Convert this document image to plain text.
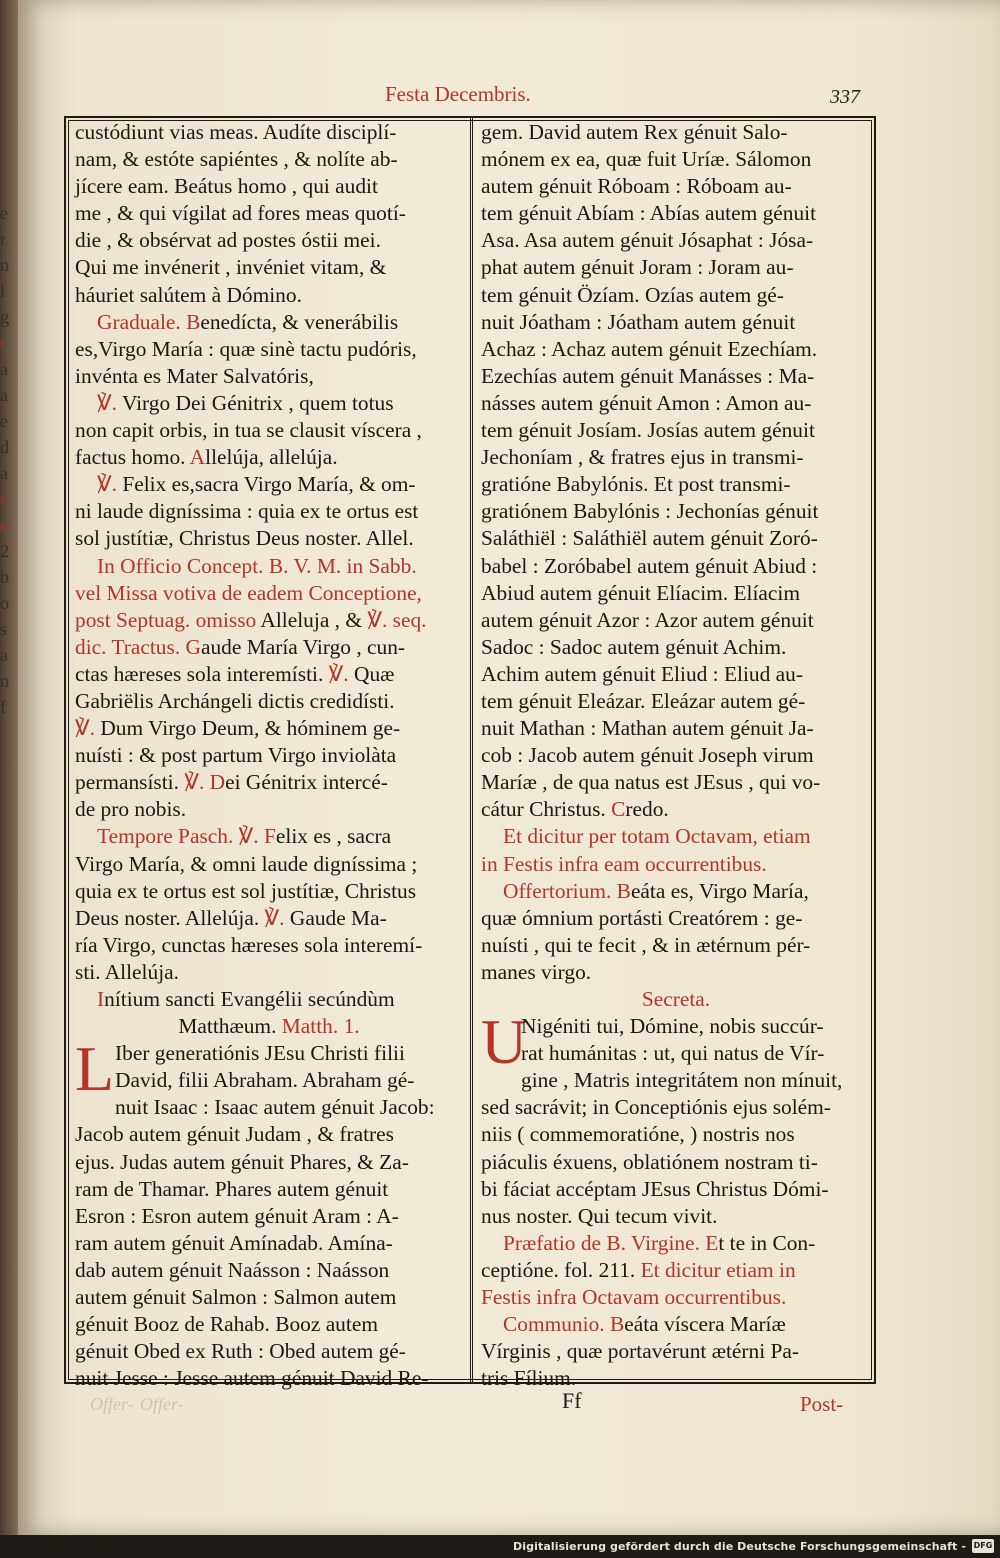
e
r
n
l
g
t
a
a
e
d
a
c
o
2
b
o
s
a
n
f
Festa Decembris.	337
custódiunt vias meas. Audíte disciplí-
nam, & estóte sapiéntes , & nolíte ab-
jícere eam. Beátus homo , qui audit
me , & qui vígilat ad fores meas quotí-
die , & obsérvat ad postes óstii mei.
Qui me invénerit , invéniet vitam, &
háuriet salútem à Dómino.
Graduale. Benedícta, & venerábilis
es,Virgo María : quæ sinè tactu pudóris,
invénta es Mater Salvatóris,
℣. Virgo Dei Génitrix , quem totus
non capit orbis, in tua se clausit víscera ,
factus homo. Allelúja, allelúja.
℣. Felix es,sacra Virgo María, & om-
ni laude digníssima : quia ex te ortus est
sol justítiæ, Christus Deus noster. Allel.
In Officio Concept. B. V. M. in Sabb.
vel Missa votiva de eadem Conceptione,
post Septuag. omisso Alleluja , & ℣. seq.
dic. Tractus. Gaude María Virgo , cun-
ctas hæreses sola interemísti. ℣. Quæ
Gabriëlis Archángeli dictis credidísti.
℣. Dum Virgo Deum, & hóminem ge-
nuísti : & post partum Virgo inviolàta
permansísti. ℣. Dei Génitrix intercé-
de pro nobis.
Tempore Pasch. ℣. Felix es , sacra
Virgo María, & omni laude digníssima ;
quia ex te ortus est sol justítiæ, Christus
Deus noster. Allelúja. ℣. Gaude Ma-
ría Virgo, cunctas hæreses sola interemí-
sti. Allelúja.
Inítium sancti Evangélii secúndùm
Matthæum. Matth. 1.
L Iber generatiónis JEsu Christi filii
David, filii Abraham. Abraham gé-
nuit Isaac : Isaac autem génuit Jacob:
Jacob autem génuit Judam , & fratres
ejus. Judas autem génuit Phares, & Za-
ram de Thamar. Phares autem génuit
Esron : Esron autem génuit Aram : A-
ram autem génuit Amínadab. Amína-
dab autem génuit Naásson : Naásson
autem génuit Salmon : Salmon autem
génuit Booz de Rahab. Booz autem
génuit Obed ex Ruth : Obed autem gé-
nuit Jesse : Jesse autem génuit David Re-
gem. David autem Rex génuit Salo-
mónem ex ea, quæ fuit Uríæ. Sálomon
autem génuit Róboam : Róboam au-
tem génuit Abíam : Abías autem génuit
Asa. Asa autem génuit Jósaphat : Jósa-
phat autem génuit Joram : Joram au-
tem génuit Özíam. Ozías autem gé-
nuit Jóatham : Jóatham autem génuit
Achaz : Achaz autem génuit Ezechíam.
Ezechías autem génuit Manásses : Ma-
násses autem génuit Amon : Amon au-
tem génuit Josíam. Josías autem génuit
Jechoníam , & fratres ejus in transmi-
gratióne Babylónis. Et post transmi-
gratiónem Babylónis : Jechonías génuit
Saláthiël : Saláthiël autem génuit Zoró-
babel : Zoróbabel autem génuit Abiud :
Abiud autem génuit Elíacim. Elíacim
autem génuit Azor : Azor autem génuit
Sadoc : Sadoc autem génuit Achim.
Achim autem génuit Eliud : Eliud au-
tem génuit Eleázar. Eleázar autem gé-
nuit Mathan : Mathan autem génuit Ja-
cob : Jacob autem génuit Joseph virum
Maríæ , de qua natus est JEsus , qui vo-
cátur Christus. Credo.
Et dicitur per totam Octavam, etiam
in Festis infra eam occurrentibus.
Offertorium. Beáta es, Virgo María,
quæ ómnium portásti Creatórem : ge-
nuísti , qui te fecit , & in ætérnum pér-
manes virgo.
Secreta.
U
Nigéniti tui, Dómine, nobis succúr-
rat humánitas : ut, qui natus de Vír-
gine , Matris integritátem non mínuit,
sed sacrávit; in Conceptiónis ejus solém-
niis ( commemoratióne, ) nostris nos
piáculis éxuens, oblatiónem nostram ti-
bi fáciat accéptam JEsus Christus Dómi-
nus noster. Qui tecum vivit.
Præfatio de B. Virgine. Et te in Con-
ceptióne. fol. 211. Et dicitur etiam in
Festis infra Octavam occurrentibus.
Communio. Beáta víscera Maríæ
Vírginis , quæ portavérunt ætérni Pa-
tris Fílium.
Offer- Offer-	Ff	Post-
Digitalisierung gefördert durch die Deutsche Forschungsgemeinschaft - DFG
